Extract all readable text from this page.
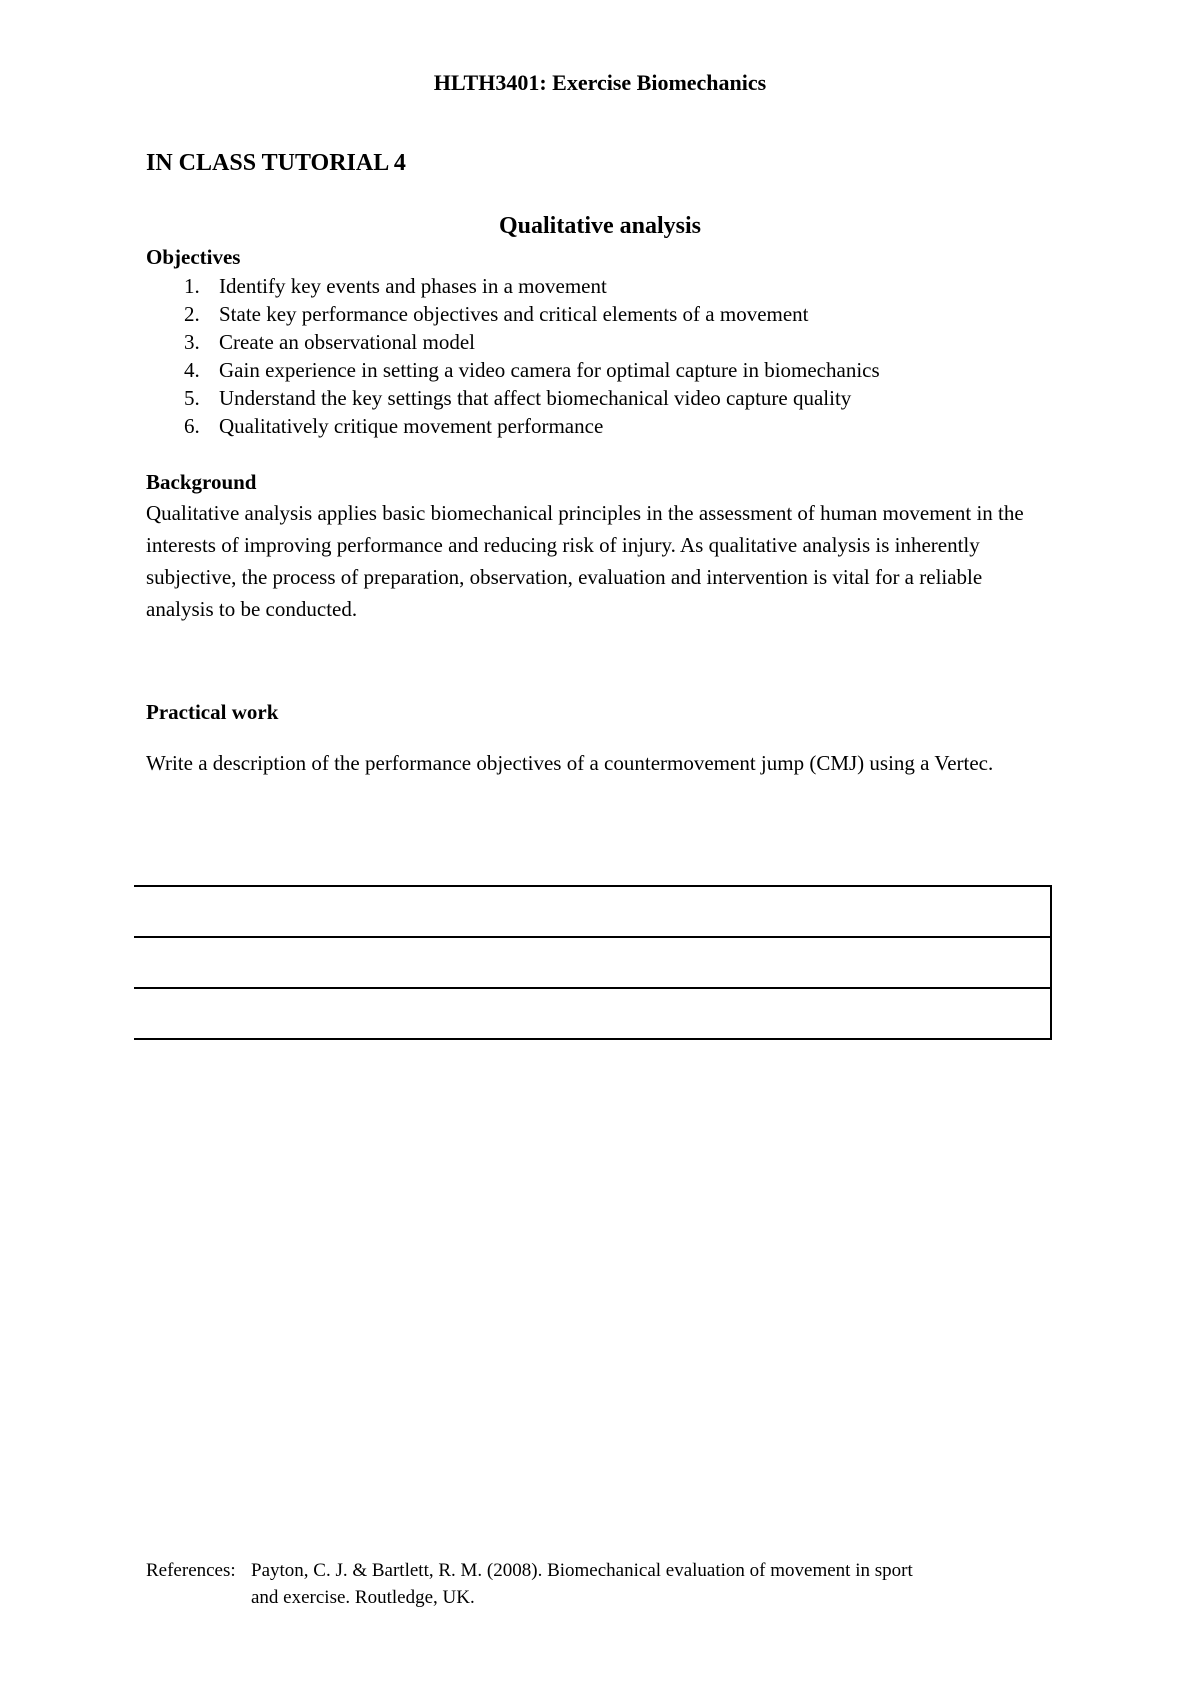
HLTH3401: Exercise Biomechanics
IN CLASS TUTORIAL 4
Qualitative analysis
Objectives
1. Identify key events and phases in a movement
2. State key performance objectives and critical elements of a movement
3. Create an observational model
4. Gain experience in setting a video camera for optimal capture in biomechanics
5. Understand the key settings that affect biomechanical video capture quality
6. Qualitatively critique movement performance
Background

Qualitative analysis applies basic biomechanical principles in the assessment of human movement in the interests of improving performance and reducing risk of injury. As qualitative analysis is inherently subjective, the process of preparation, observation, evaluation and intervention is vital for a reliable analysis to be conducted.

Practical work

Write a description of the performance objectives of a countermovement jump (CMJ) using a Vertec.

References: Payton, C. J. & Bartlett, R. M. (2008). Biomechanical evaluation of movement in sport
and exercise. Routledge, UK.
